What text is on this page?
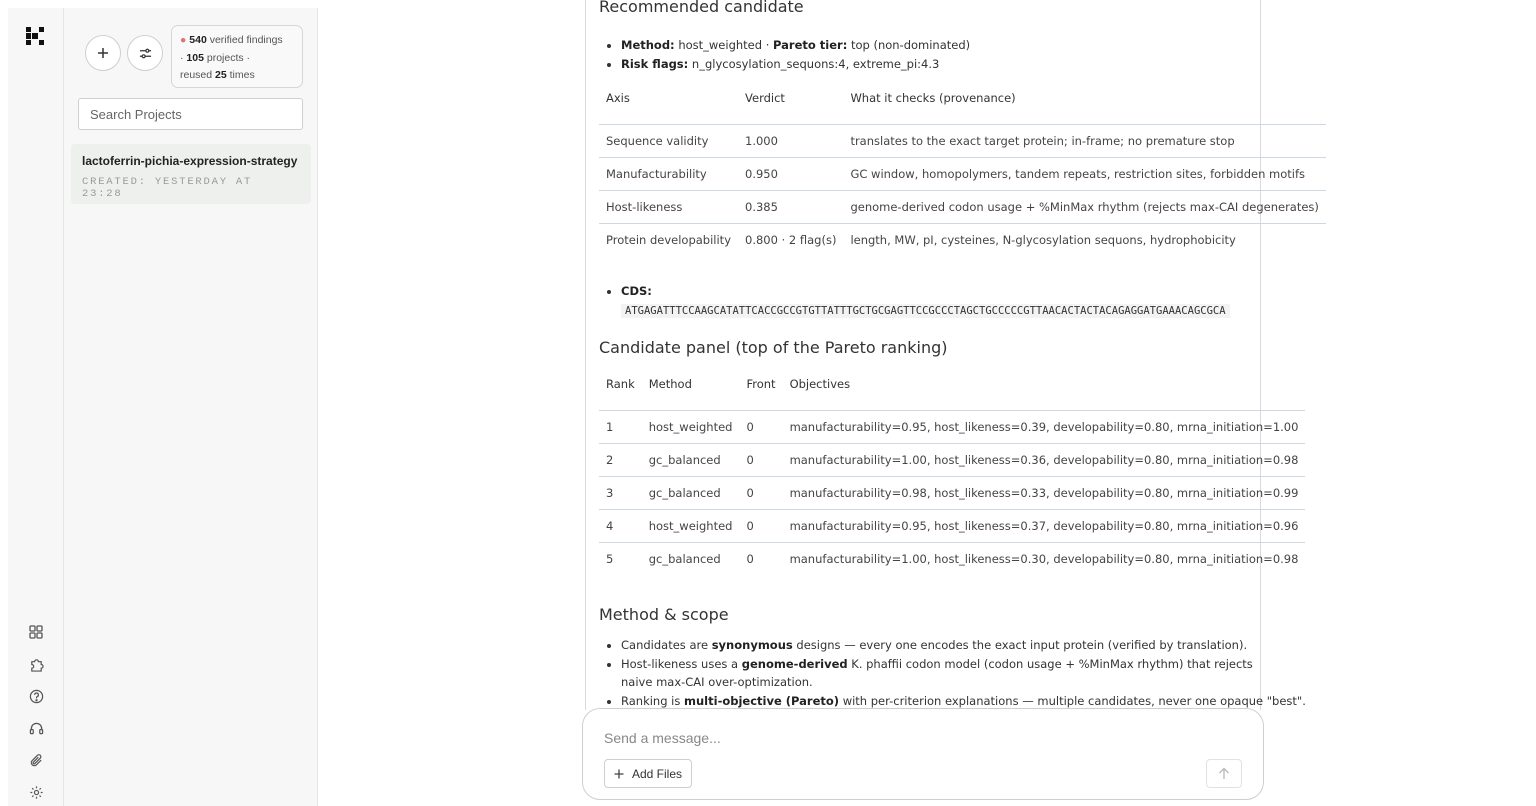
● 540 verified findings
· 105 projects ·
reused 25 times
Search Projects
lactoferrin-pichia-expression-strategy
CREATED: YESTERDAY AT 23:28
Recommended candidate
• Method: host_weighted · Pareto tier: top (non-dominated)
• Risk flags: n_glycosylation_sequons:4, extreme_pi:4.3
Axis	Verdict	What it checks (provenance)
Sequence validity	1.000	translates to the exact target protein; in-frame; no premature stop
Manufacturability	0.950	GC window, homopolymers, tandem repeats, restriction sites, forbidden motifs
Host-likeness	0.385	genome-derived codon usage + %MinMax rhythm (rejects max-CAI degenerates)
Protein developability	0.800 · 2 flag(s)	length, MW, pI, cysteines, N-glycosylation sequons, hydrophobicity
• CDS:
ATGAGATTTCCAAGCATATTCACCGCCGTGTTATTTGCTGCGAGTTCCGCCCTAGCTGCCCCCGTTAACACTACTACAGAGGATGAAACAGCGCA
Candidate panel (top of the Pareto ranking)
Rank	Method	Front	Objectives
1	host_weighted	0	manufacturability=0.95, host_likeness=0.39, developability=0.80, mrna_initiation=1.00
2	gc_balanced	0	manufacturability=1.00, host_likeness=0.36, developability=0.80, mrna_initiation=0.98
3	gc_balanced	0	manufacturability=0.98, host_likeness=0.33, developability=0.80, mrna_initiation=0.99
4	host_weighted	0	manufacturability=0.95, host_likeness=0.37, developability=0.80, mrna_initiation=0.96
5	gc_balanced	0	manufacturability=1.00, host_likeness=0.30, developability=0.80, mrna_initiation=0.98
Method & scope
• Candidates are synonymous designs — every one encodes the exact input protein (verified by translation).
• Host-likeness uses a genome-derived K. phaffii codon model (codon usage + %MinMax rhythm) that rejects naive max-CAI over-optimization.
• Ranking is multi-objective (Pareto) with per-criterion explanations — multiple candidates, never one opaque "best".
Send a message...
Add Files
